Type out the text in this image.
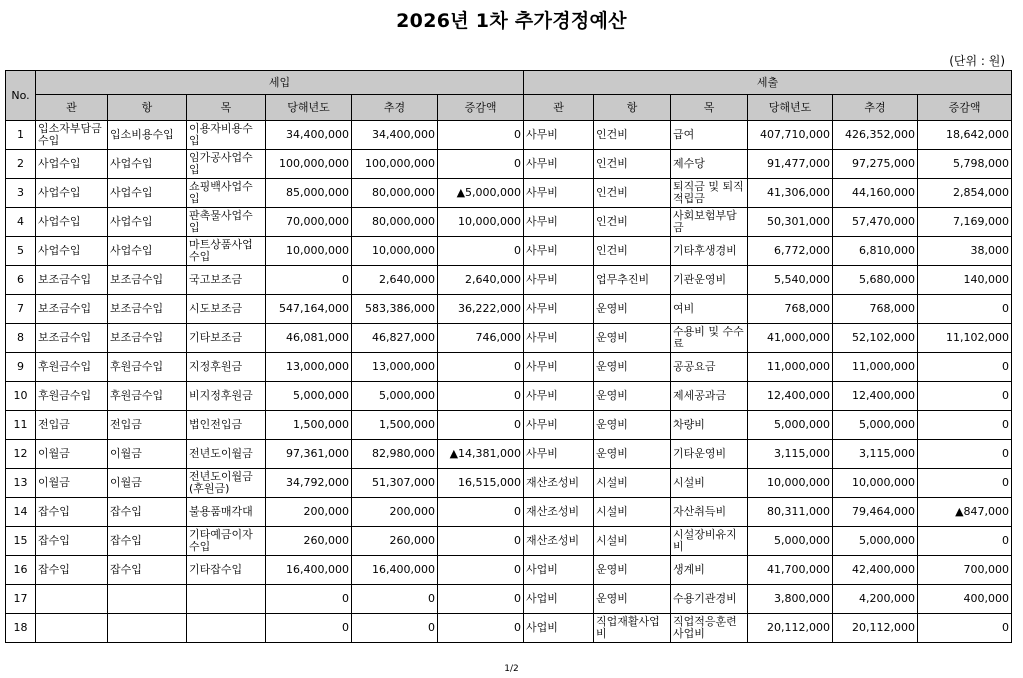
2026년 1차 추가경정예산
(단위 : 원)
No.	세입						세출					
	관	항	목	당해년도	추경	증감액	관	항	목	당해년도	추경	증감액
1	입소자부담금수입	입소비용수입	이용자비용수입	34,400,000	34,400,000	0	사무비	인건비	급여	407,710,000	426,352,000	18,642,000
2	사업수입	사업수입	임가공사업수입	100,000,000	100,000,000	0	사무비	인건비	제수당	91,477,000	97,275,000	5,798,000
3	사업수입	사업수입	쇼핑백사업수입	85,000,000	80,000,000	▲5,000,000	사무비	인건비	퇴직금 및 퇴직적립금	41,306,000	44,160,000	2,854,000
4	사업수입	사업수입	판촉물사업수입	70,000,000	80,000,000	10,000,000	사무비	인건비	사회보험부담금	50,301,000	57,470,000	7,169,000
5	사업수입	사업수입	마트상품사업수입	10,000,000	10,000,000	0	사무비	인건비	기타후생경비	6,772,000	6,810,000	38,000
6	보조금수입	보조금수입	국고보조금	0	2,640,000	2,640,000	사무비	업무추진비	기관운영비	5,540,000	5,680,000	140,000
7	보조금수입	보조금수입	시도보조금	547,164,000	583,386,000	36,222,000	사무비	운영비	여비	768,000	768,000	0
8	보조금수입	보조금수입	기타보조금	46,081,000	46,827,000	746,000	사무비	운영비	수용비 및 수수료	41,000,000	52,102,000	11,102,000
9	후원금수입	후원금수입	지정후원금	13,000,000	13,000,000	0	사무비	운영비	공공요금	11,000,000	11,000,000	0
10	후원금수입	후원금수입	비지정후원금	5,000,000	5,000,000	0	사무비	운영비	제세공과금	12,400,000	12,400,000	0
11	전입금	전입금	법인전입금	1,500,000	1,500,000	0	사무비	운영비	차량비	5,000,000	5,000,000	0
12	이월금	이월금	전년도이월금	97,361,000	82,980,000	▲14,381,000	사무비	운영비	기타운영비	3,115,000	3,115,000	0
13	이월금	이월금	전년도이월금(후원금)	34,792,000	51,307,000	16,515,000	재산조성비	시설비	시설비	10,000,000	10,000,000	0
14	잡수입	잡수입	불용품매각대	200,000	200,000	0	재산조성비	시설비	자산취득비	80,311,000	79,464,000	▲847,000
15	잡수입	잡수입	기타예금이자수입	260,000	260,000	0	재산조성비	시설비	시설장비유지비	5,000,000	5,000,000	0
16	잡수입	잡수입	기타잡수입	16,400,000	16,400,000	0	사업비	운영비	생계비	41,700,000	42,400,000	700,000
17				0	0	0	사업비	운영비	수용기관경비	3,800,000	4,200,000	400,000
18				0	0	0	사업비	직업재활사업비	직업적응훈련사업비	20,112,000	20,112,000	0
1/2
